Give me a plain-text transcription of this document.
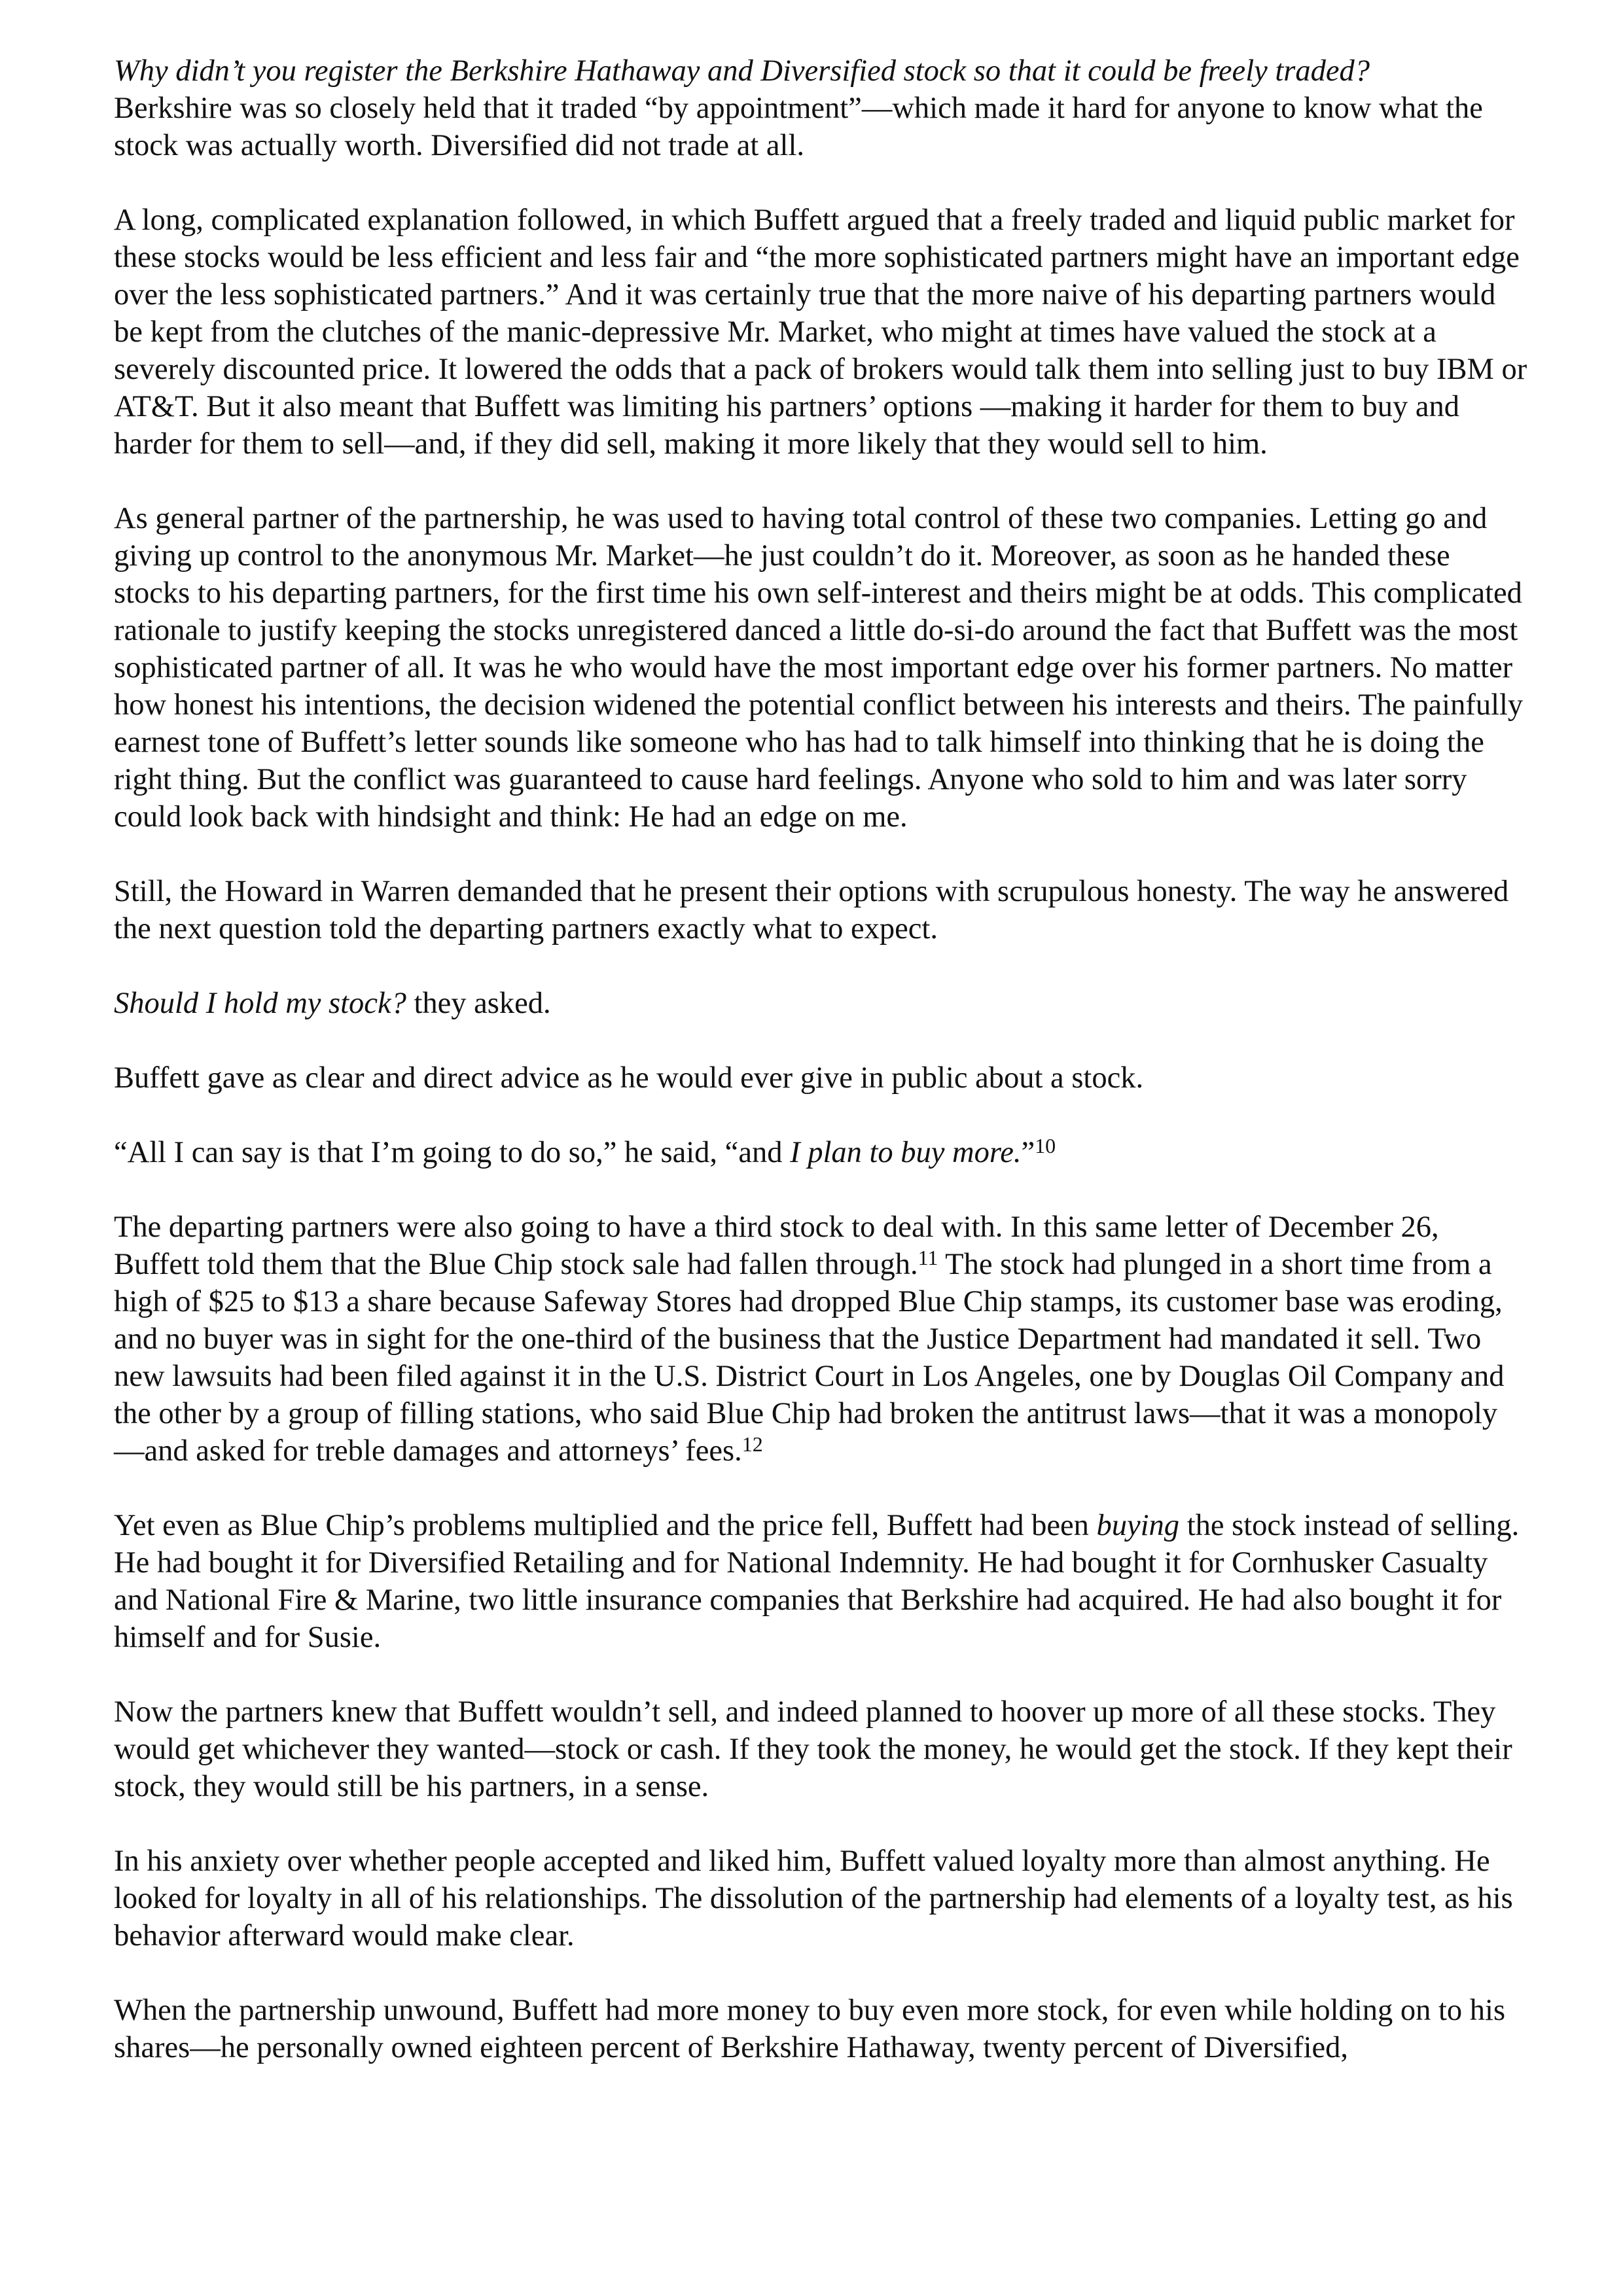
Why didn’t you register the Berkshire Hathaway and Diversified stock so that it could be freely traded?
Berkshire was so closely held that it traded “by appointment”—which made it hard for anyone to know what the stock was actually worth. Diversified did not trade at all.

A long, complicated explanation followed, in which Buffett argued that a freely traded and liquid public market for these stocks would be less efficient and less fair and “the more sophisticated partners might have an important edge over the less sophisticated partners.” And it was certainly true that the more naive of his departing partners would be kept from the clutches of the manic-depressive Mr. Market, who might at times have valued the stock at a severely discounted price. It lowered the odds that a pack of brokers would talk them into selling just to buy IBM or AT&T. But it also meant that Buffett was limiting his partners’ options —making it harder for them to buy and harder for them to sell—and, if they did sell, making it more likely that they would sell to him.

As general partner of the partnership, he was used to having total control of these two companies. Letting go and giving up control to the anonymous Mr. Market—he just couldn’t do it. Moreover, as soon as he handed these stocks to his departing partners, for the first time his own self-interest and theirs might be at odds. This complicated rationale to justify keeping the stocks unregistered danced a little do-si-do around the fact that Buffett was the most sophisticated partner of all. It was he who would have the most important edge over his former partners. No matter how honest his intentions, the decision widened the potential conflict between his interests and theirs. The painfully earnest tone of Buffett’s letter sounds like someone who has had to talk himself into thinking that he is doing the right thing. But the conflict was guaranteed to cause hard feelings. Anyone who sold to him and was later sorry could look back with hindsight and think: He had an edge on me.

Still, the Howard in Warren demanded that he present their options with scrupulous honesty. The way he answered the next question told the departing partners exactly what to expect.

Should I hold my stock? they asked.

Buffett gave as clear and direct advice as he would ever give in public about a stock.

“All I can say is that I’m going to do so,” he said, “and I plan to buy more.”$^{10}$

The departing partners were also going to have a third stock to deal with. In this same letter of December 26, Buffett told them that the Blue Chip stock sale had fallen through.$^{11}$ The stock had plunged in a short time from a high of $25 to $13 a share because Safeway Stores had dropped Blue Chip stamps, its customer base was eroding, and no buyer was in sight for the one-third of the business that the Justice Department had mandated it sell. Two new lawsuits had been filed against it in the U.S. District Court in Los Angeles, one by Douglas Oil Company and the other by a group of filling stations, who said Blue Chip had broken the antitrust laws—that it was a monopoly—and asked for treble damages and attorneys’ fees.$^{12}$

Yet even as Blue Chip’s problems multiplied and the price fell, Buffett had been buying the stock instead of selling. He had bought it for Diversified Retailing and for National Indemnity. He had bought it for Cornhusker Casualty and National Fire & Marine, two little insurance companies that Berkshire had acquired. He had also bought it for himself and for Susie.

Now the partners knew that Buffett wouldn’t sell, and indeed planned to hoover up more of all these stocks. They would get whichever they wanted—stock or cash. If they took the money, he would get the stock. If they kept their stock, they would still be his partners, in a sense.

In his anxiety over whether people accepted and liked him, Buffett valued loyalty more than almost anything. He looked for loyalty in all of his relationships. The dissolution of the partnership had elements of a loyalty test, as his behavior afterward would make clear.

When the partnership unwound, Buffett had more money to buy even more stock, for even while holding on to his shares—he personally owned eighteen percent of Berkshire Hathaway, twenty percent of Diversified,
